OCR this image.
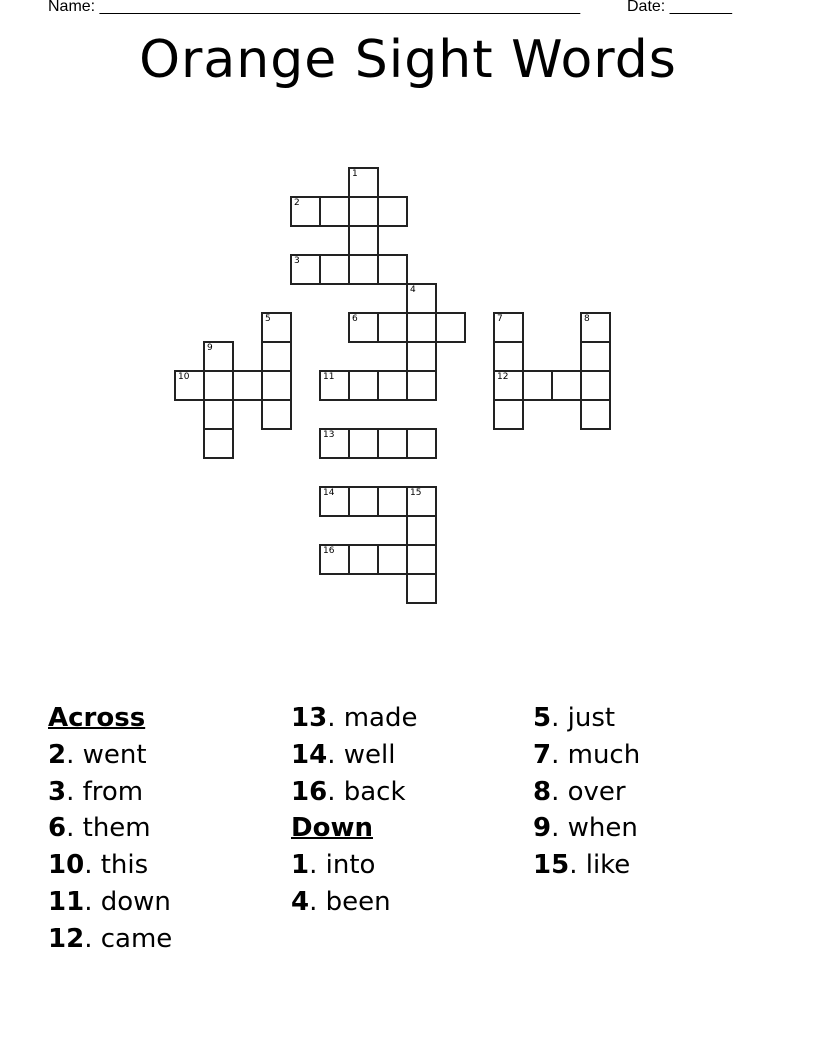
Name: ______________________________________________________	Date: _______
Orange Sight Words
1
2
3
4
5	6	7	8
9
10	11	12
13
14	15
16
Across
2. went
3. from
6. them
10. this
11. down
12. came
13. made
14. well
16. back
Down
1. into
4. been
5. just
7. much
8. over
9. when
15. like
